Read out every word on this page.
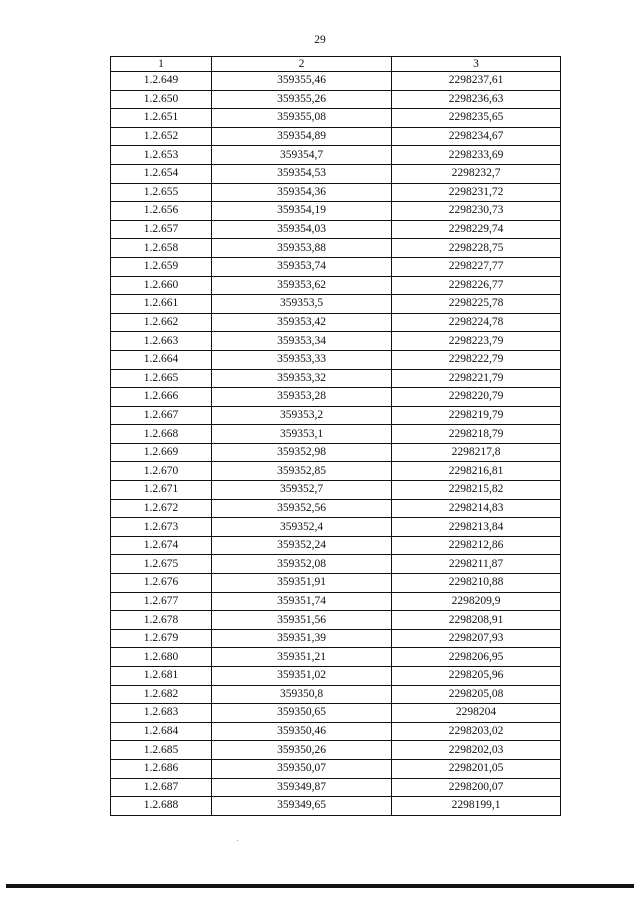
29
1	2	3
1.2.649	359355,46	2298237,61
1.2.650	359355,26	2298236,63
1.2.651	359355,08	2298235,65
1.2.652	359354,89	2298234,67
1.2.653	359354,7	2298233,69
1.2.654	359354,53	2298232,7
1.2.655	359354,36	2298231,72
1.2.656	359354,19	2298230,73
1.2.657	359354,03	2298229,74
1.2.658	359353,88	2298228,75
1.2.659	359353,74	2298227,77
1.2.660	359353,62	2298226,77
1.2.661	359353,5	2298225,78
1.2.662	359353,42	2298224,78
1.2.663	359353,34	2298223,79
1.2.664	359353,33	2298222,79
1.2.665	359353,32	2298221,79
1.2.666	359353,28	2298220,79
1.2.667	359353,2	2298219,79
1.2.668	359353,1	2298218,79
1.2.669	359352,98	2298217,8
1.2.670	359352,85	2298216,81
1.2.671	359352,7	2298215,82
1.2.672	359352,56	2298214,83
1.2.673	359352,4	2298213,84
1.2.674	359352,24	2298212,86
1.2.675	359352,08	2298211,87
1.2.676	359351,91	2298210,88
1.2.677	359351,74	2298209,9
1.2.678	359351,56	2298208,91
1.2.679	359351,39	2298207,93
1.2.680	359351,21	2298206,95
1.2.681	359351,02	2298205,96
1.2.682	359350,8	2298205,08
1.2.683	359350,65	2298204
1.2.684	359350,46	2298203,02
1.2.685	359350,26	2298202,03
1.2.686	359350,07	2298201,05
1.2.687	359349,87	2298200,07
1.2.688	359349,65	2298199,1
